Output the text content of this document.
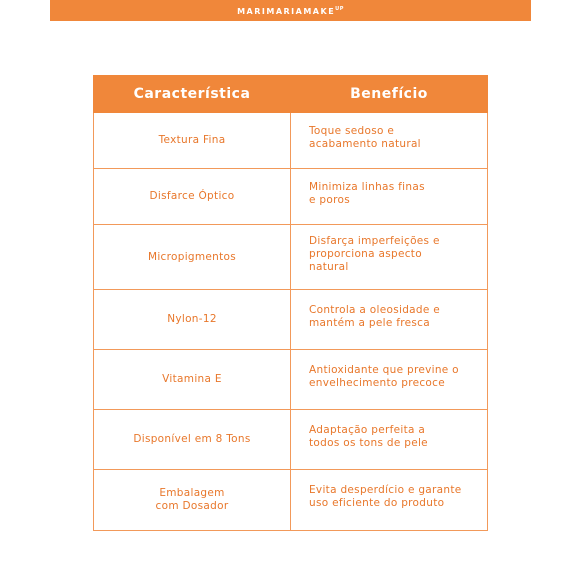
$MARIMARIAMAKE^{UP}$
Característica	Benefício

Textura Fina	Toque sedoso e
acabamento natural

Disfarce Óptico	Minimiza linhas finas
e poros

Micropigmentos	Disfarça imperfeições e
proporciona aspecto
natural

Nylon-12	Controla a oleosidade e
mantém a pele fresca

Vitamina E	Antioxidante que previne o
envelhecimento precoce

Disponível em 8 Tons	Adaptação perfeita a
todos os tons de pele

Embalagem
com Dosador	Evita desperdício e garante
uso eficiente do produto
